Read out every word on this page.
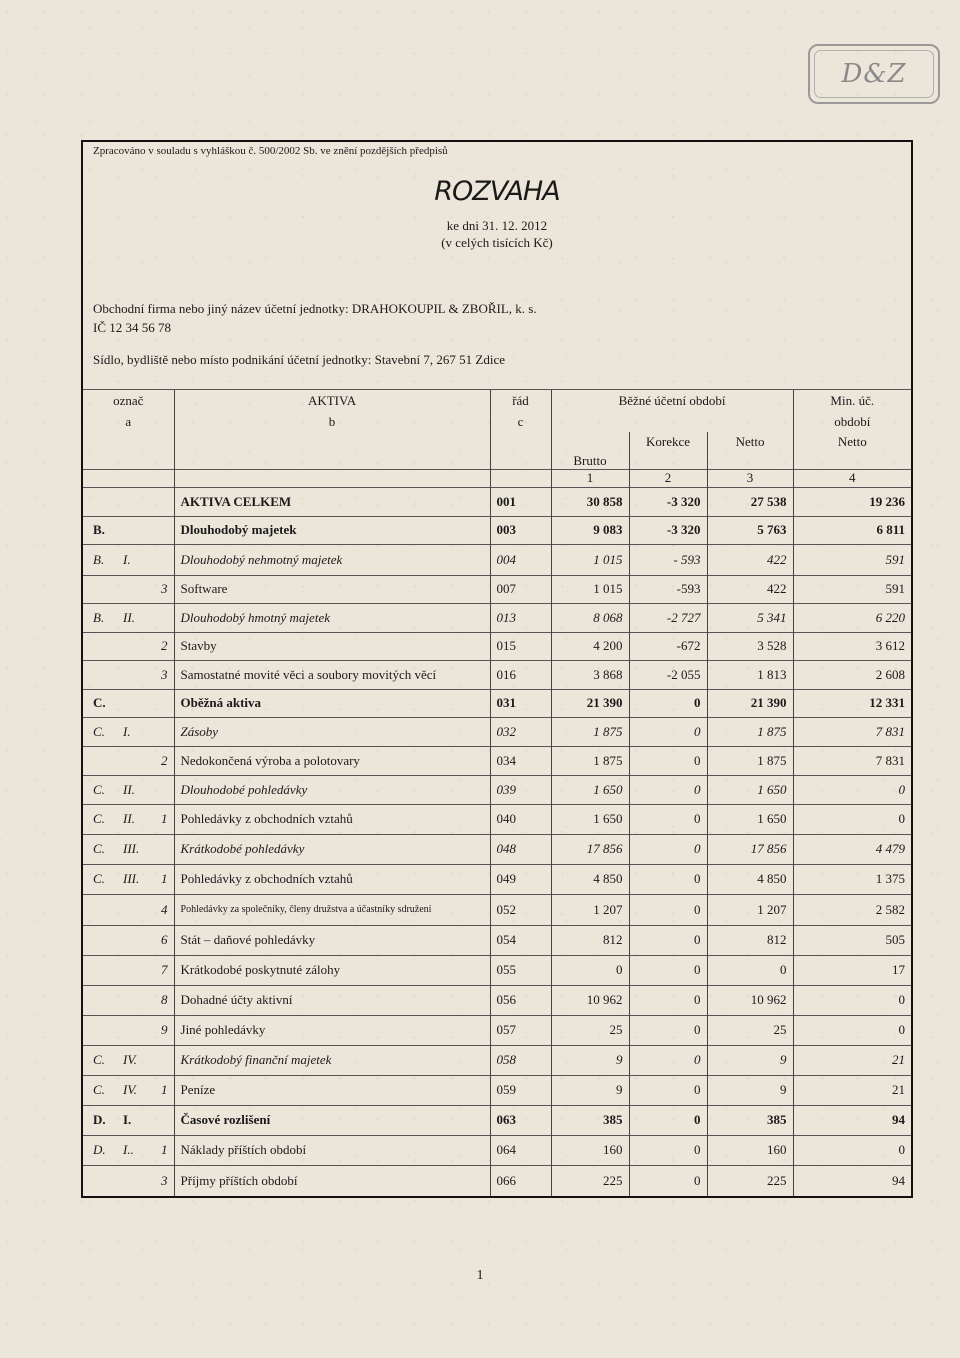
D&Z
Zpracováno v souladu s vyhláškou č. 500/2002 Sb. ve znění pozdějších předpisů
ROZVAHA
ke dni 31. 12. 2012
(v celých tisících Kč)
Obchodní firma nebo jiný název účetní jednotky: DRAHOKOUPIL & ZBOŘIL, k. s.
IČ 12 34 56 78
Sídlo, bydliště nebo místo podnikání účetní jednotky: Stavební 7, 267 51 Zdice
označ			AKTIVA	řád	Běžné účetní období			Min. úč.
a			b	c				období
						Korekce	Netto	Netto
					Brutto			
					1	2	3	4
			AKTIVA CELKEM	001	30 858	-3 320	27 538	19 236
B.			Dlouhodobý majetek	003	9 083	-3 320	5 763	6 811
B.	I.		Dlouhodobý nehmotný majetek	004	1 015	- 593	422	591
		3	Software	007	1 015	-593	422	591
B.	II.		Dlouhodobý hmotný majetek	013	8 068	-2 727	5 341	6 220
		2	Stavby	015	4 200	-672	3 528	3 612
		3	Samostatné movité věci a soubory movitých věcí	016	3 868	-2 055	1 813	2 608
C.			Oběžná aktiva	031	21 390	0	21 390	12 331
C.	I.		Zásoby	032	1 875	0	1 875	7 831
		2	Nedokončená výroba a polotovary	034	1 875	0	1 875	7 831
C.	II.		Dlouhodobé pohledávky	039	1 650	0	1 650	0
C.	II.	1	Pohledávky z obchodních vztahů	040	1 650	0	1 650	0
C.	III.		Krátkodobé pohledávky	048	17 856	0	17 856	4 479
C.	III.	1	Pohledávky z obchodních vztahů	049	4 850	0	4 850	1 375
		4	Pohledávky za společníky, členy družstva a účastníky sdružení	052	1 207	0	1 207	2 582
		6	Stát – daňové pohledávky	054	812	0	812	505
		7	Krátkodobé poskytnuté zálohy	055	0	0	0	17
		8	Dohadné účty aktivní	056	10 962	0	10 962	0
		9	Jiné pohledávky	057	25	0	25	0
C.	IV.		Krátkodobý finanční majetek	058	9	0	9	21
C.	IV.	1	Peníze	059	9	0	9	21
D.	I.		Časové rozlišení	063	385	0	385	94
D.	I..	1	Náklady příštích období	064	160	0	160	0
		3	Příjmy příštích období	066	225	0	225	94
1
